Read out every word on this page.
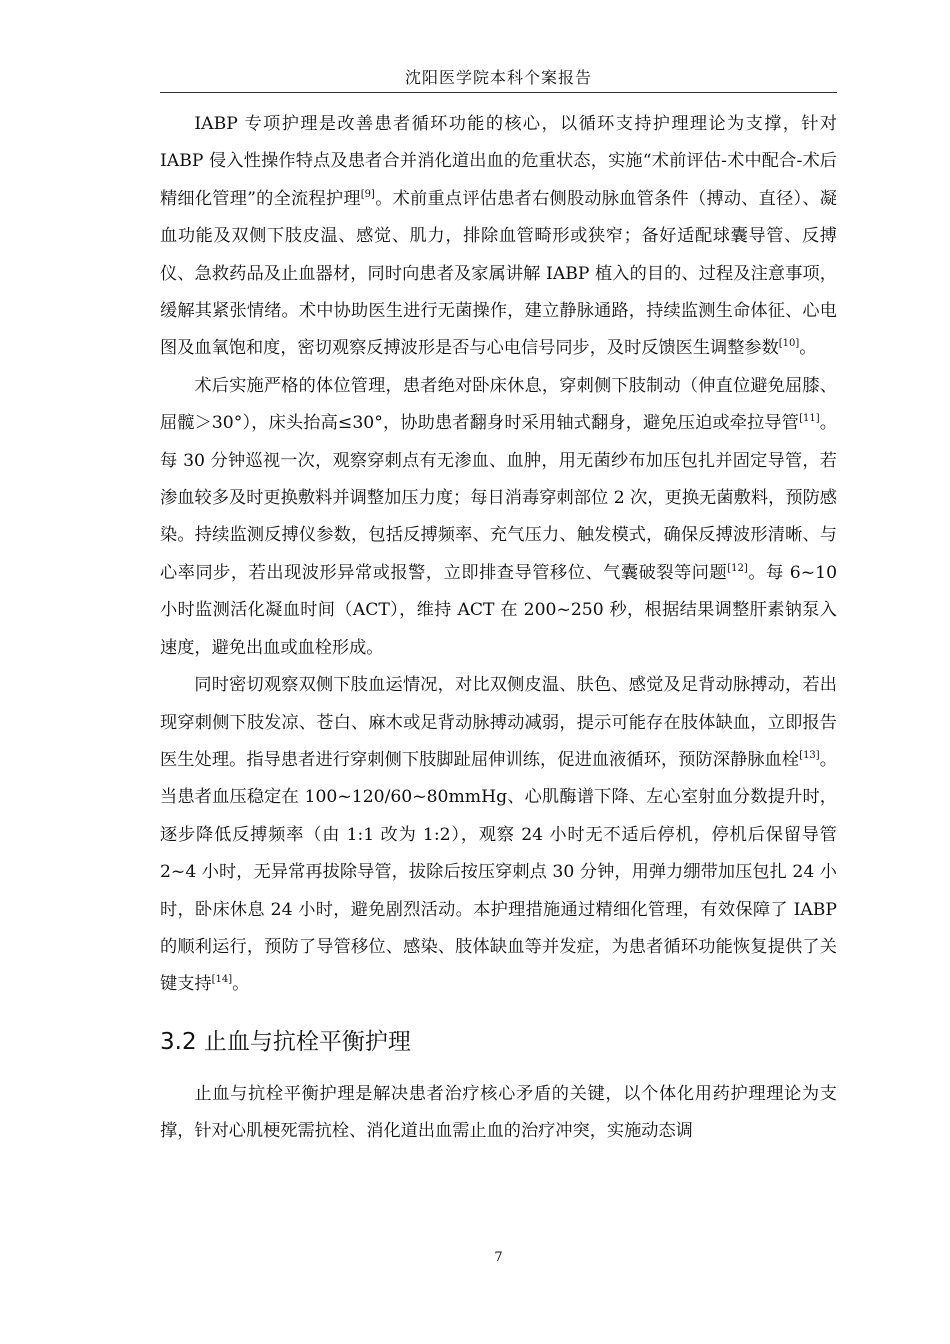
沈阳医学院本科个案报告

IABP 专项护理是改善患者循环功能的核心，以循环支持护理理论为支撑，针对 IABP 侵入性操作特点及患者合并消化道出血的危重状态，实施“术前评估-术中配合-术后精细化管理”的全流程护理[9]。术前重点评估患者右侧股动脉血管条件（搏动、直径）、凝血功能及双侧下肢皮温、感觉、肌力，排除血管畸形或狭窄；备好适配球囊导管、反搏仪、急救药品及止血器材，同时向患者及家属讲解 IABP 植入的目的、过程及注意事项，缓解其紧张情绪。术中协助医生进行无菌操作，建立静脉通路，持续监测生命体征、心电图及血氧饱和度，密切观察反搏波形是否与心电信号同步，及时反馈医生调整参数[10]。

术后实施严格的体位管理，患者绝对卧床休息，穿刺侧下肢制动（伸直位避免屈膝、屈髋＞30°），床头抬高≤30°，协助患者翻身时采用轴式翻身，避免压迫或牵拉导管[11]。每 30 分钟巡视一次，观察穿刺点有无渗血、血肿，用无菌纱布加压包扎并固定导管，若渗血较多及时更换敷料并调整加压力度；每日消毒穿刺部位 2 次，更换无菌敷料，预防感染。持续监测反搏仪参数，包括反搏频率、充气压力、触发模式，确保反搏波形清晰、与心率同步，若出现波形异常或报警，立即排查导管移位、气囊破裂等问题[12]。每 6~10 小时监测活化凝血时间（ACT），维持 ACT 在 200~250 秒，根据结果调整肝素钠泵入速度，避免出血或血栓形成。

同时密切观察双侧下肢血运情况，对比双侧皮温、肤色、感觉及足背动脉搏动，若出现穿刺侧下肢发凉、苍白、麻木或足背动脉搏动减弱，提示可能存在肢体缺血，立即报告医生处理。指导患者进行穿刺侧下肢脚趾屈伸训练，促进血液循环，预防深静脉血栓[13]。当患者血压稳定在 100~120/60~80mmHg、心肌酶谱下降、左心室射血分数提升时，逐步降低反搏频率（由 1:1 改为 1:2），观察 24 小时无不适后停机，停机后保留导管 2~4 小时，无异常再拔除导管，拔除后按压穿刺点 30 分钟，用弹力绷带加压包扎 24 小时，卧床休息 24 小时，避免剧烈活动。本护理措施通过精细化管理，有效保障了 IABP 的顺利运行，预防了导管移位、感染、肢体缺血等并发症，为患者循环功能恢复提供了关键支持[14]。

3.2 止血与抗栓平衡护理

止血与抗栓平衡护理是解决患者治疗核心矛盾的关键，以个体化用药护理理论为支撑，针对心肌梗死需抗栓、消化道出血需止血的治疗冲突，实施动态调

7
